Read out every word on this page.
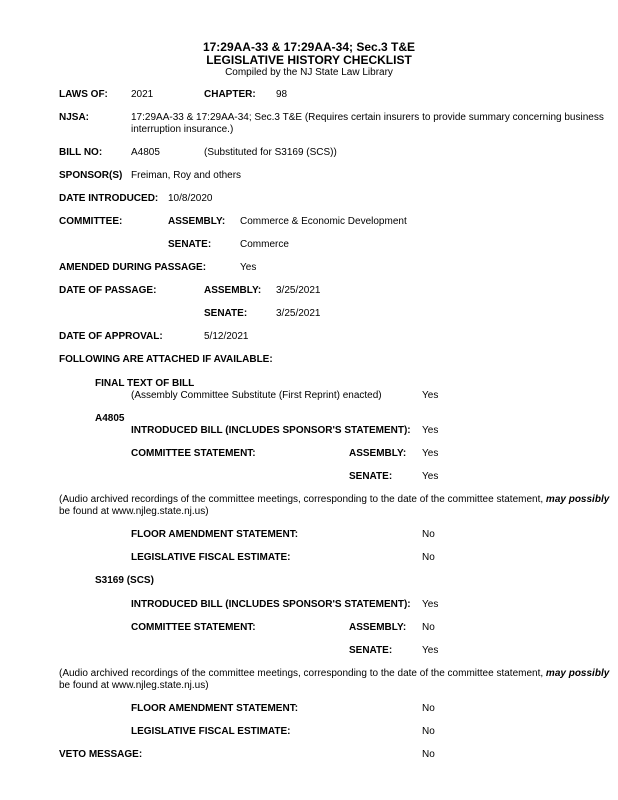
17:29AA-33 & 17:29AA-34; Sec.3 T&E
LEGISLATIVE HISTORY CHECKLIST
Compiled by the NJ State Law Library
LAWS OF: 2021	CHAPTER: 98
NJSA:	17:29AA-33 & 17:29AA-34; Sec.3 T&E (Requires certain insurers to provide summary concerning business
interruption insurance.)
BILL NO:	A4805	(Substituted for S3169 (SCS))
SPONSOR(S) Freiman, Roy and others
DATE INTRODUCED: 10/8/2020
COMMITTEE:	ASSEMBLY: Commerce & Economic Development
SENATE:	Commerce
AMENDED DURING PASSAGE:	Yes
DATE OF PASSAGE:	ASSEMBLY: 3/25/2021
SENATE:	3/25/2021
DATE OF APPROVAL:	5/12/2021
FOLLOWING ARE ATTACHED IF AVAILABLE:
FINAL TEXT OF BILL
(Assembly Committee Substitute (First Reprint) enacted)	Yes
A4805
INTRODUCED BILL (INCLUDES SPONSOR'S STATEMENT): Yes
COMMITTEE STATEMENT:	ASSEMBLY: Yes
SENATE:	Yes
(Audio archived recordings of the committee meetings, corresponding to the date of the committee statement, may possibly
be found at www.njleg.state.nj.us)
FLOOR AMENDMENT STATEMENT:	No
LEGISLATIVE FISCAL ESTIMATE:	No
S3169 (SCS)
INTRODUCED BILL (INCLUDES SPONSOR'S STATEMENT): Yes
COMMITTEE STATEMENT:	ASSEMBLY: No
SENATE:	Yes
(Audio archived recordings of the committee meetings, corresponding to the date of the committee statement, may possibly
be found at www.njleg.state.nj.us)
FLOOR AMENDMENT STATEMENT:	No
LEGISLATIVE FISCAL ESTIMATE:	No
VETO MESSAGE:	No
